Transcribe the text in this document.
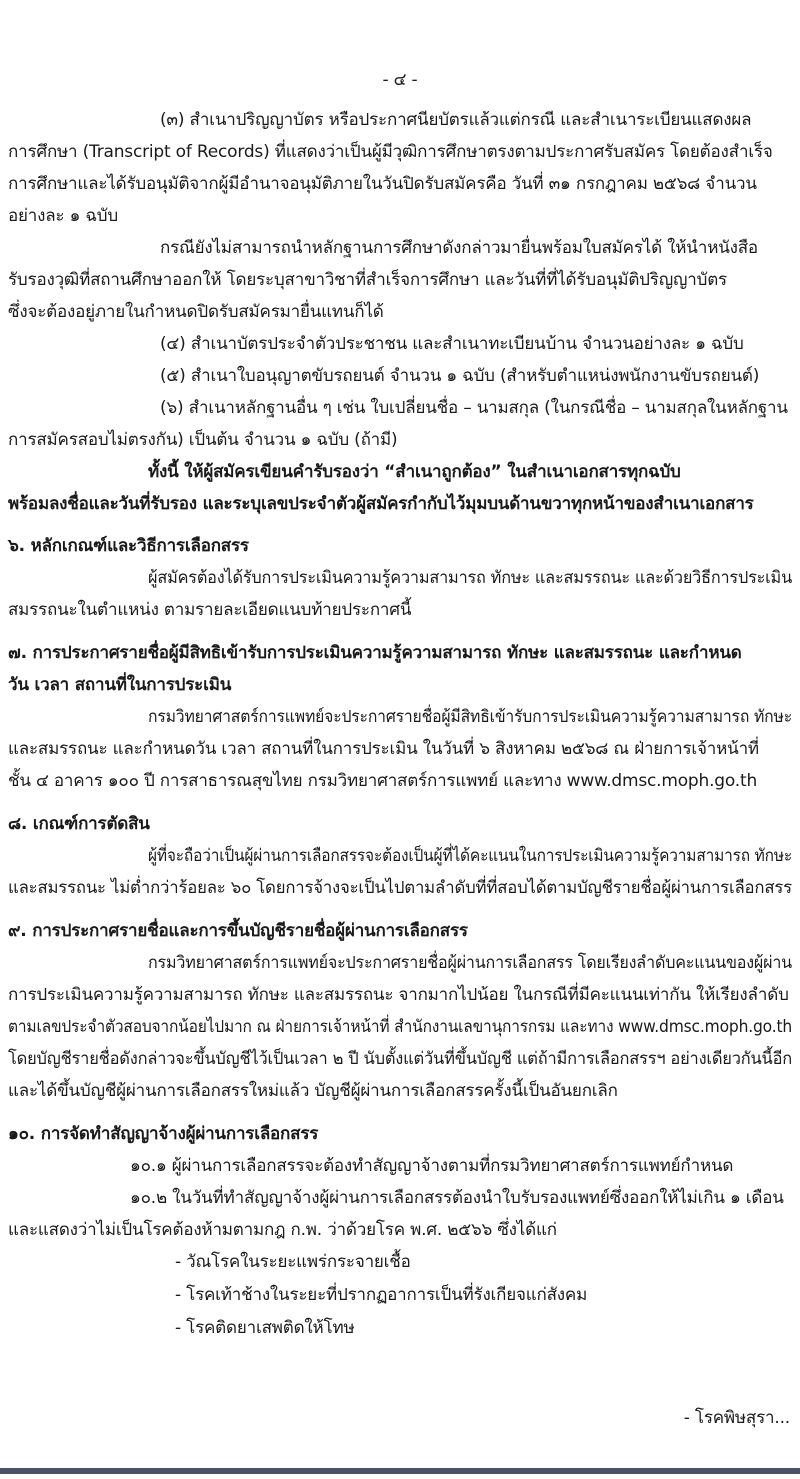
- ๔ -
(๓) สำเนาปริญญาบัตร หรือประกาศนียบัตรแล้วแต่กรณี และสำเนาระเบียนแสดงผล
การศึกษา (Transcript of Records) ที่แสดงว่าเป็นผู้มีวุฒิการศึกษาตรงตามประกาศรับสมัคร โดยต้องสำเร็จ
การศึกษาและได้รับอนุมัติจากผู้มีอำนาจอนุมัติภายในวันปิดรับสมัครคือ วันที่ ๓๑ กรกฎาคม ๒๕๖๘ จำนวน
อย่างละ ๑ ฉบับ
กรณียังไม่สามารถนำหลักฐานการศึกษาดังกล่าวมายื่นพร้อมใบสมัครได้ ให้นำหนังสือ
รับรองวุฒิที่สถานศึกษาออกให้ โดยระบุสาขาวิชาที่สำเร็จการศึกษา และวันที่ที่ได้รับอนุมัติปริญญาบัตร
ซึ่งจะต้องอยู่ภายในกำหนดปิดรับสมัครมายื่นแทนก็ได้
(๔) สำเนาบัตรประจำตัวประชาชน และสำเนาทะเบียนบ้าน จำนวนอย่างละ ๑ ฉบับ
(๕) สำเนาใบอนุญาตขับรถยนต์ จำนวน ๑ ฉบับ (สำหรับตำแหน่งพนักงานขับรถยนต์)
(๖) สำเนาหลักฐานอื่น ๆ เช่น ใบเปลี่ยนชื่อ – นามสกุล (ในกรณีชื่อ – นามสกุลในหลักฐาน
การสมัครสอบไม่ตรงกัน) เป็นต้น จำนวน ๑ ฉบับ (ถ้ามี)
ทั้งนี้ ให้ผู้สมัครเขียนคำรับรองว่า “สำเนาถูกต้อง” ในสำเนาเอกสารทุกฉบับ
พร้อมลงชื่อและวันที่รับรอง และระบุเลขประจำตัวผู้สมัครกำกับไว้มุมบนด้านขวาทุกหน้าของสำเนาเอกสาร
๖. หลักเกณฑ์และวิธีการเลือกสรร
ผู้สมัครต้องได้รับการประเมินความรู้ความสามารถ ทักษะ และสมรรถนะ และด้วยวิธีการประเมิน
สมรรถนะในตำแหน่ง ตามรายละเอียดแนบท้ายประกาศนี้
๗. การประกาศรายชื่อผู้มีสิทธิเข้ารับการประเมินความรู้ความสามารถ ทักษะ และสมรรถนะ และกำหนด
วัน เวลา สถานที่ในการประเมิน
กรมวิทยาศาสตร์การแพทย์จะประกาศรายชื่อผู้มีสิทธิเข้ารับการประเมินความรู้ความสามารถ ทักษะ
และสมรรถนะ และกำหนดวัน เวลา สถานที่ในการประเมิน ในวันที่ ๖ สิงหาคม ๒๕๖๘ ณ ฝ่ายการเจ้าหน้าที่
ชั้น ๔ อาคาร ๑๐๐ ปี การสาธารณสุขไทย กรมวิทยาศาสตร์การแพทย์ และทาง www.dmsc.moph.go.th
๘. เกณฑ์การตัดสิน
ผู้ที่จะถือว่าเป็นผู้ผ่านการเลือกสรรจะต้องเป็นผู้ที่ได้คะแนนในการประเมินความรู้ความสามารถ ทักษะ
และสมรรถนะ ไม่ต่ำกว่าร้อยละ ๖๐ โดยการจ้างจะเป็นไปตามลำดับที่ที่สอบได้ตามบัญชีรายชื่อผู้ผ่านการเลือกสรร
๙. การประกาศรายชื่อและการขึ้นบัญชีรายชื่อผู้ผ่านการเลือกสรร
กรมวิทยาศาสตร์การแพทย์จะประกาศรายชื่อผู้ผ่านการเลือกสรร โดยเรียงลำดับคะแนนของผู้ผ่าน
การประเมินความรู้ความสามารถ ทักษะ และสมรรถนะ จากมากไปน้อย ในกรณีที่มีคะแนนเท่ากัน ให้เรียงลำดับ
ตามเลขประจำตัวสอบจากน้อยไปมาก ณ ฝ่ายการเจ้าหน้าที่ สำนักงานเลขานุการกรม และทาง www.dmsc.moph.go.th
โดยบัญชีรายชื่อดังกล่าวจะขึ้นบัญชีไว้เป็นเวลา ๒ ปี นับตั้งแต่วันที่ขึ้นบัญชี แต่ถ้ามีการเลือกสรรฯ อย่างเดียวกันนี้อีก
และได้ขึ้นบัญชีผู้ผ่านการเลือกสรรใหม่แล้ว บัญชีผู้ผ่านการเลือกสรรครั้งนี้เป็นอันยกเลิก
๑๐. การจัดทำสัญญาจ้างผู้ผ่านการเลือกสรร
๑๐.๑ ผู้ผ่านการเลือกสรรจะต้องทำสัญญาจ้างตามที่กรมวิทยาศาสตร์การแพทย์กำหนด
๑๐.๒ ในวันที่ทำสัญญาจ้างผู้ผ่านการเลือกสรรต้องนำใบรับรองแพทย์ซึ่งออกให้ไม่เกิน ๑ เดือน
และแสดงว่าไม่เป็นโรคต้องห้ามตามกฎ ก.พ. ว่าด้วยโรค พ.ศ. ๒๕๖๖ ซึ่งได้แก่
- วัณโรคในระยะแพร่กระจายเชื้อ
- โรคเท้าช้างในระยะที่ปรากฏอาการเป็นที่รังเกียจแก่สังคม
- โรคติดยาเสพติดให้โทษ
- โรคพิษสุรา...
